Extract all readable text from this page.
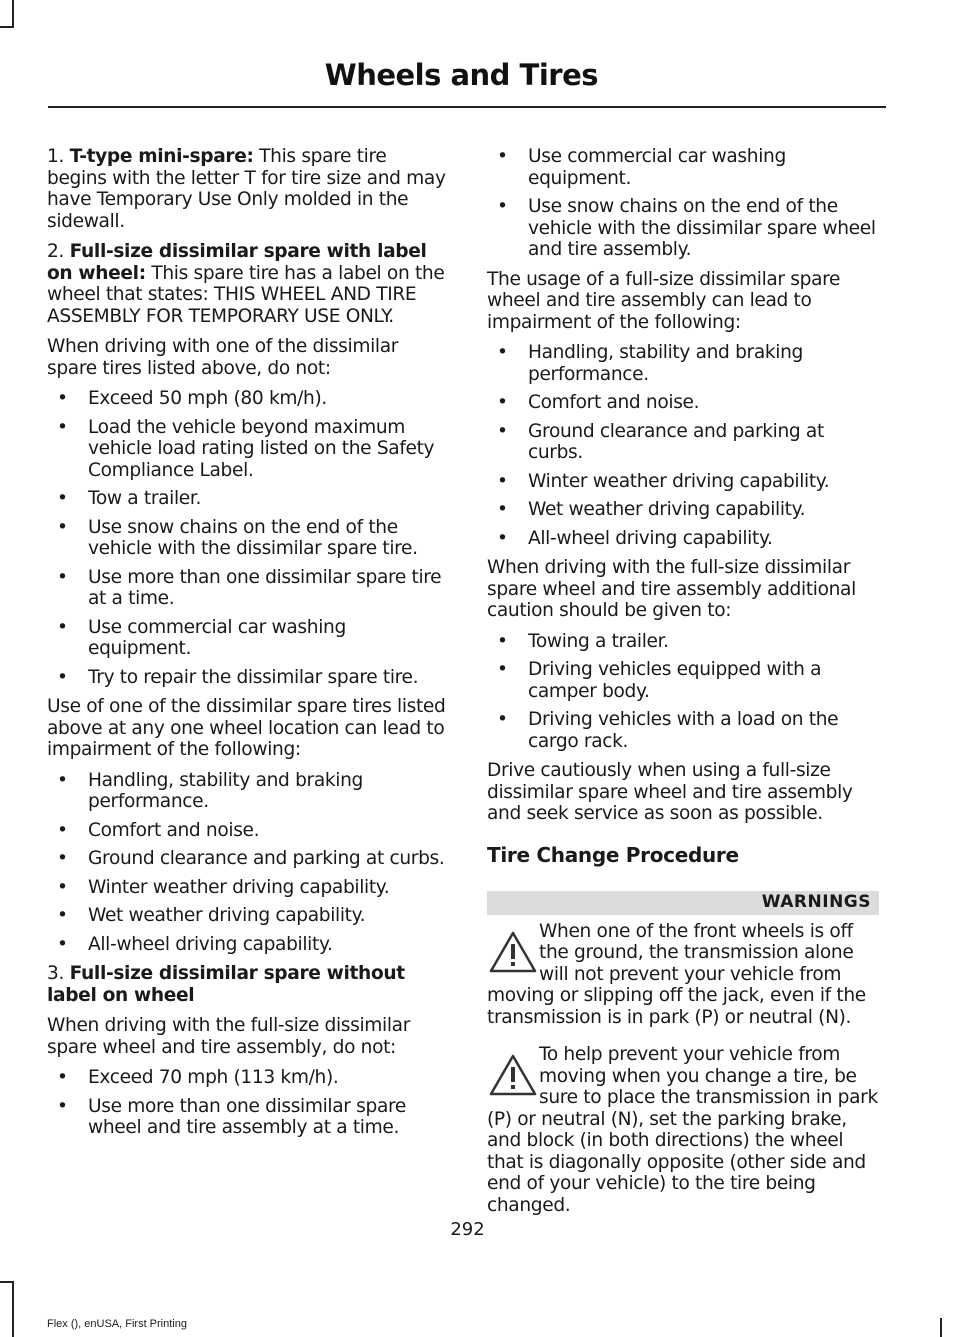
Wheels and Tires

1. T-type mini-spare: This spare tire begins with the letter T for tire size and may have Temporary Use Only molded in the sidewall.

2. Full-size dissimilar spare with label on wheel: This spare tire has a label on the wheel that states: THIS WHEEL AND TIRE ASSEMBLY FOR TEMPORARY USE ONLY.

When driving with one of the dissimilar spare tires listed above, do not:

• Exceed 50 mph (80 km/h).
• Load the vehicle beyond maximum vehicle load rating listed on the Safety Compliance Label.
• Tow a trailer.
• Use snow chains on the end of the vehicle with the dissimilar spare tire.
• Use more than one dissimilar spare tire at a time.
• Use commercial car washing equipment.
• Try to repair the dissimilar spare tire.

Use of one of the dissimilar spare tires listed above at any one wheel location can lead to impairment of the following:

• Handling, stability and braking performance.
• Comfort and noise.
• Ground clearance and parking at curbs.
• Winter weather driving capability.
• Wet weather driving capability.
• All-wheel driving capability.

3. Full-size dissimilar spare without label on wheel

When driving with the full-size dissimilar spare wheel and tire assembly, do not:

• Exceed 70 mph (113 km/h).
• Use more than one dissimilar spare wheel and tire assembly at a time.
• Use commercial car washing equipment.
• Use snow chains on the end of the vehicle with the dissimilar spare wheel and tire assembly.

The usage of a full-size dissimilar spare wheel and tire assembly can lead to impairment of the following:

• Handling, stability and braking performance.
• Comfort and noise.
• Ground clearance and parking at curbs.
• Winter weather driving capability.
• Wet weather driving capability.
• All-wheel driving capability.

When driving with the full-size dissimilar spare wheel and tire assembly additional caution should be given to:

• Towing a trailer.
• Driving vehicles equipped with a camper body.
• Driving vehicles with a load on the cargo rack.

Drive cautiously when using a full-size dissimilar spare wheel and tire assembly and seek service as soon as possible.

Tire Change Procedure
WARNINGS
When one of the front wheels is off the ground, the transmission alone will not prevent your vehicle from moving or slipping off the jack, even if the transmission is in park (P) or neutral (N).
To help prevent your vehicle from moving when you change a tire, be sure to place the transmission in park (P) or neutral (N), set the parking brake, and block (in both directions) the wheel that is diagonally opposite (other side and end of your vehicle) to the tire being changed.
292
Flex (), enUSA, First Printing
